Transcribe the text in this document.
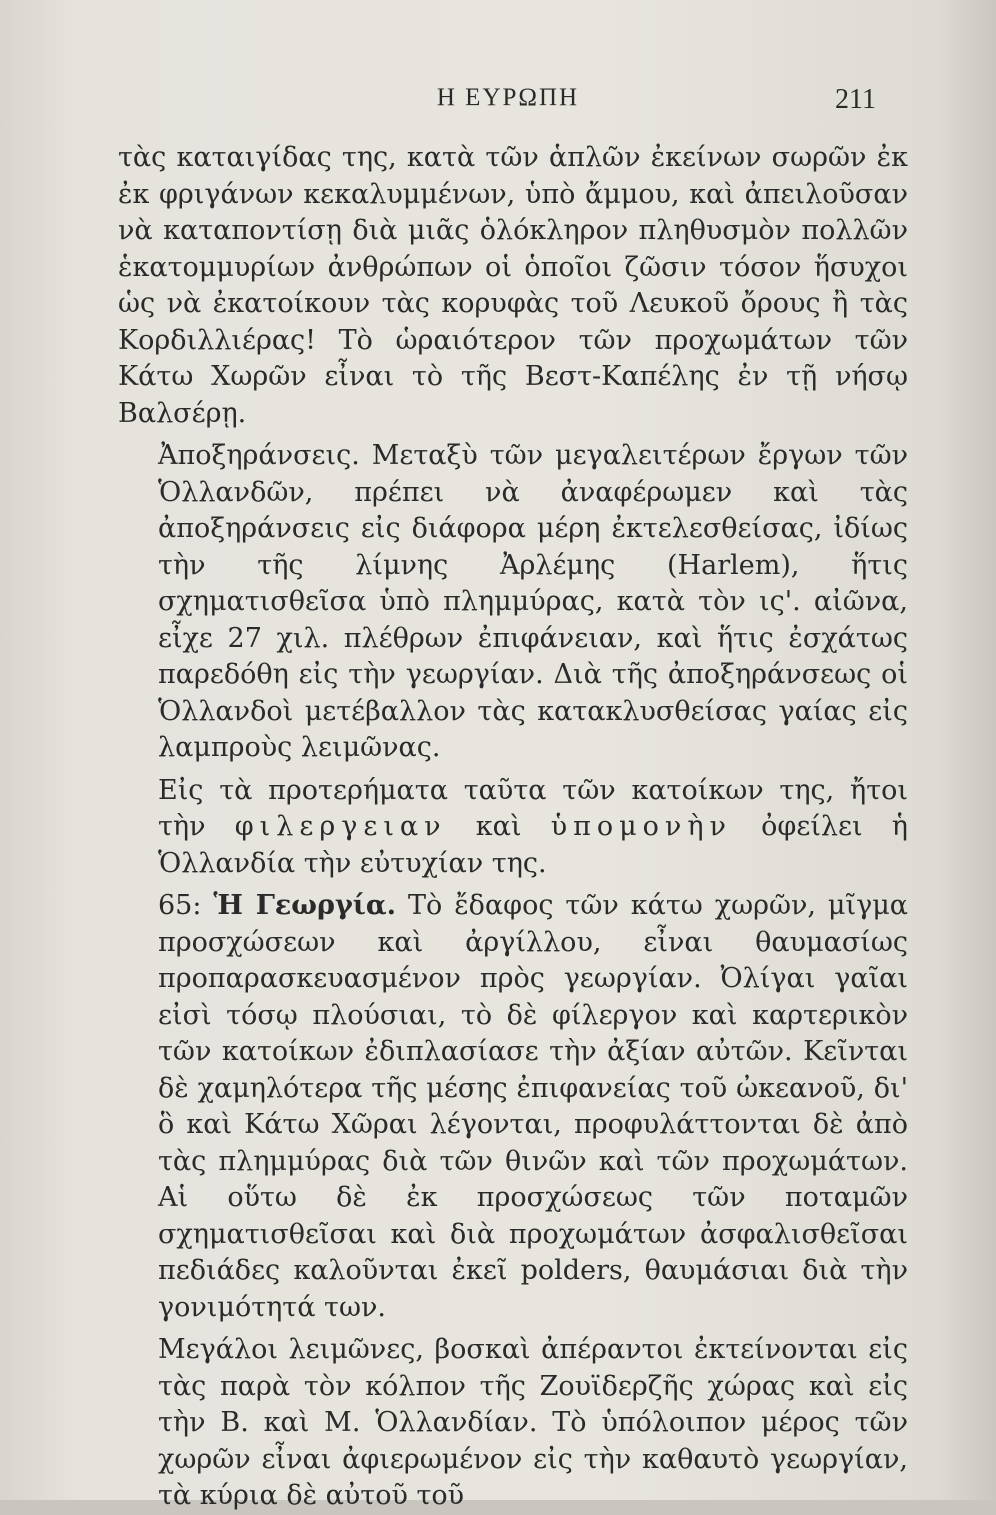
Η ΕΥΡΩΠΗ	211

τὰς καταιγίδας της, κατὰ τῶν ἁπλῶν ἐκείνων σωρῶν ἐκ ἐκ φριγάνων κεκαλυμμένων, ὑπὸ ἄμμου, καὶ ἀπειλοῦσαν νὰ καταποντίσῃ διὰ μιᾶς ὁλόκληρον πληθυσμὸν πολλῶν ἑκατομμυρίων ἀνθρώπων οἱ ὁποῖοι ζῶσιν τόσον ἥσυχοι ὡς νὰ ἐκατοίκουν τὰς κορυφὰς τοῦ Λευκοῦ ὄρους ἢ τὰς Κορδιλλιέρας! Τὸ ὡραιότερον τῶν προχωμάτων τῶν Κάτω Χωρῶν εἶναι τὸ τῆς Βεστ-Καπέλης ἐν τῇ νήσῳ Βαλσέρῃ.

Ἀποξηράνσεις. Μεταξὺ τῶν μεγαλειτέρων ἔργων τῶν Ὁλλανδῶν, πρέπει νὰ ἀναφέρωμεν καὶ τὰς ἀποξηράνσεις εἰς διάφορα μέρη ἐκτελεσθείσας, ἰδίως τὴν τῆς λίμνης Ἀρλέμης (Harlem), ἥτις σχηματισθεῖσα ὑπὸ πλημμύρας, κατὰ τὸν ις'. αἰῶνα, εἶχε 27 χιλ. πλέθρων ἐπιφάνειαν, καὶ ἥτις ἐσχάτως παρεδόθη εἰς τὴν γεωργίαν. Διὰ τῆς ἀποξηράνσεως οἱ Ὁλλανδοὶ μετέβαλλον τὰς κατακλυσθείσας γαίας εἰς λαμπροὺς λειμῶνας.

Εἰς τὰ προτερήματα ταῦτα τῶν κατοίκων της, ἤτοι τὴν φιλεργειαν καὶ ὑπομονὴν ὀφείλει ἡ Ὁλλανδία τὴν εὐτυχίαν της.

65: Ἡ Γεωργία. Τὸ ἔδαφος τῶν κάτω χωρῶν, μῖγμα προσχώσεων καὶ ἀργίλλου, εἶναι θαυμασίως προπαρασκευασμένον πρὸς γεωργίαν. Ὀλίγαι γαῖαι εἰσὶ τόσῳ πλούσιαι, τὸ δὲ φίλεργον καὶ καρτερικὸν τῶν κατοίκων ἐδιπλασίασε τὴν ἀξίαν αὐτῶν. Κεῖνται δὲ χαμηλότερα τῆς μέσης ἐπιφανείας τοῦ ὠκεανοῦ, δι' ὃ καὶ Κάτω Χῶραι λέγονται, προφυλάττονται δὲ ἀπὸ τὰς πλημμύρας διὰ τῶν θινῶν καὶ τῶν προχωμάτων. Αἱ οὕτω δὲ ἐκ προσχώσεως τῶν ποταμῶν σχηματισθεῖσαι καὶ διὰ προχωμάτων ἀσφαλισθεῖσαι πεδιάδες καλοῦνται ἐκεῖ polders, θαυμάσιαι διὰ τὴν γονιμότητά των.

Μεγάλοι λειμῶνες, βοσκαὶ ἀπέραντοι ἐκτείνονται εἰς τὰς παρὰ τὸν κόλπον τῆς Ζουϊδερζῆς χώρας καὶ εἰς τὴν Β. καὶ Μ. Ὁλλανδίαν. Τὸ ὑπόλοιπον μέρος τῶν χωρῶν εἶναι ἀφιερωμένον εἰς τὴν καθαυτὸ γεωργίαν, τὰ κύρια δὲ αὐτοῦ τοῦ
